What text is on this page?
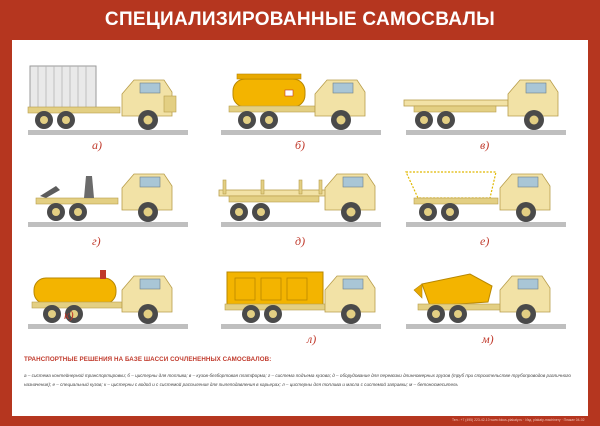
СПЕЦИАЛИЗИРОВАННЫЕ САМОСВАЛЫ
а)	б)	в)
г)	д)	е)
к)
л)	м)
ТРАНСПОРТНЫЕ РЕШЕНИЯ НА БАЗЕ ШАССИ СОЧЛЕНЕННЫХ САМОСВАЛОВ:
а – система контейнерной транспортировки; б – цистерны для топлива; в – кузов-безбортовая платформа; г – система подъема кузова; д – оборудование для перевозки длинномерных грузов (труб при строительстве трубопроводов различного назначения); е – специальный кузов; к – цистерны с водой и с системой распыления для пылеподавления в карьерах; л – цистерны для топлива и масла с системой заправки; м – бетоносмеситель
Тел.: +7 (495) 223-42-10 www.fokus-plakaty.ru · Изд. plakaty-machinery · Плакат 04-02
